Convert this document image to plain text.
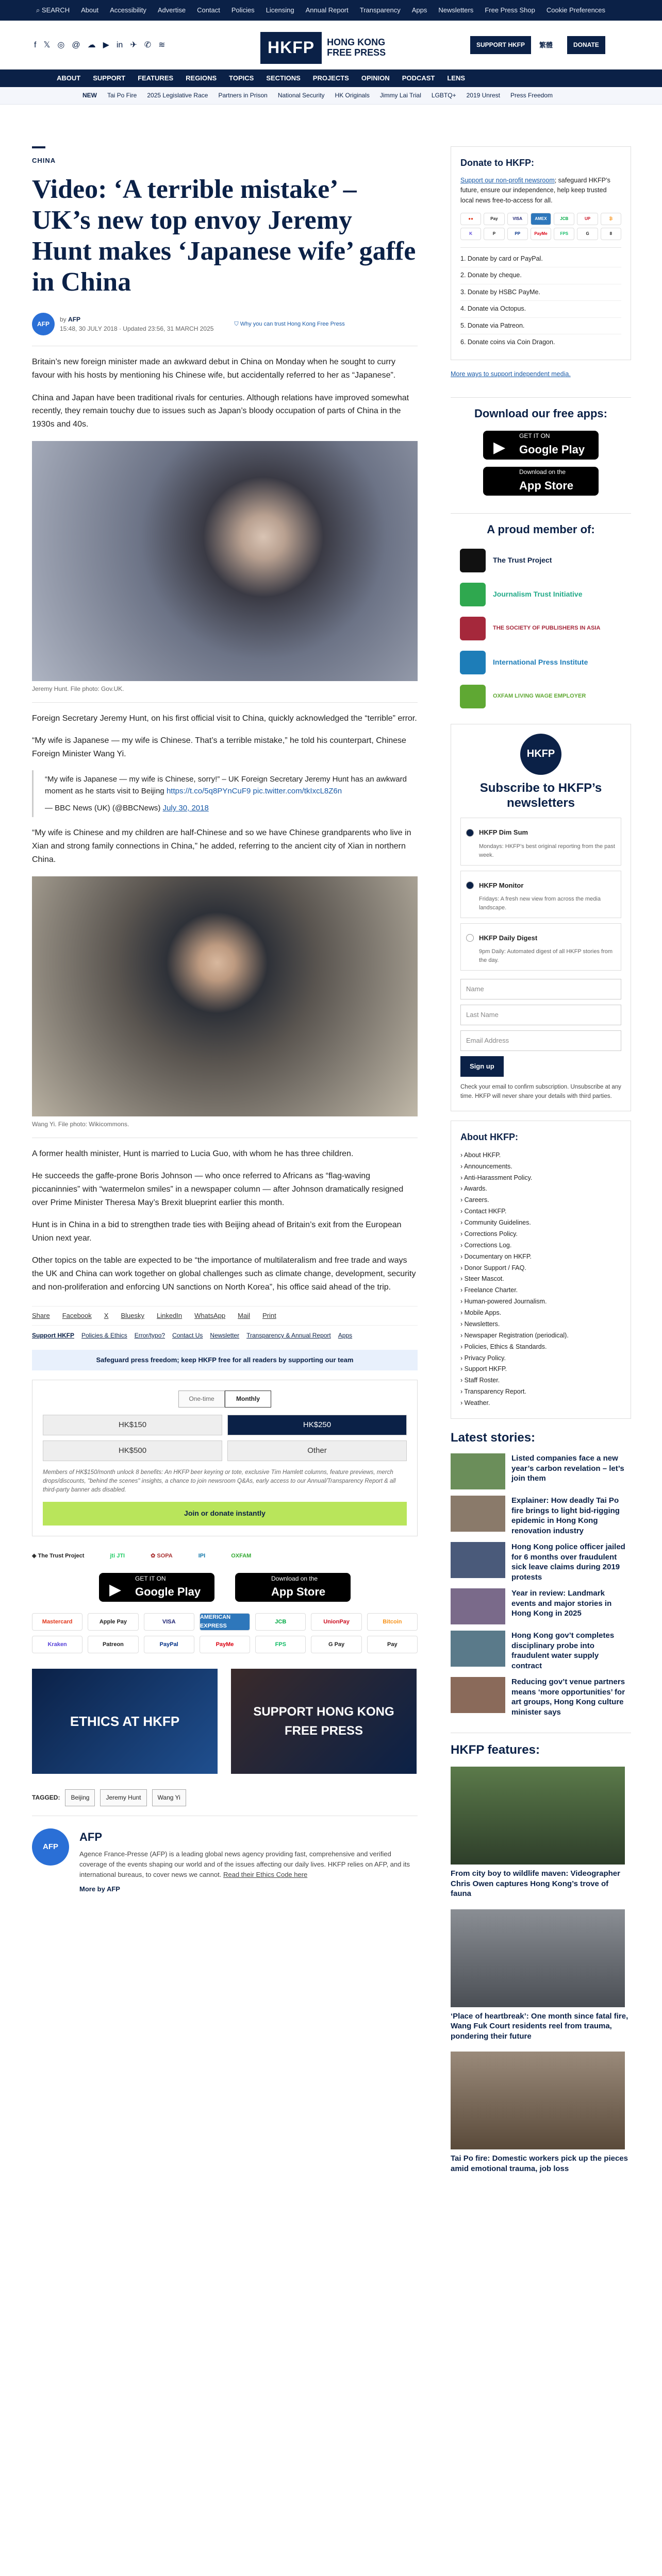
⌕ SEARCH About Accessibility Advertise Contact Policies Licensing Annual Report Transparency Apps Newsletters Free Press Shop Cookie Preferences
f 𝕏 ◎ @ ☁ ▶ in ✈ ✆ ≋	HKFP	HONG KONG
FREE PRESS
SUPPORT HKFP	繁體	DONATE
ABOUT SUPPORT FEATURES REGIONS TOPICS SECTIONS PROJECTS OPINION PODCAST LENS
NEW Tai Po Fire 2025 Legislative Race Partners in Prison National Security HK Originals Jimmy Lai Trial LGBTQ+ 2019 Unrest Press Freedom
CHINA
Video: ‘A terrible mistake’ – UK’s new top envoy Jeremy Hunt makes ‘Japanese wife’ gaffe in China
AFP
by AFP
15:48, 30 JULY 2018 · Updated 23:56, 31 MARCH 2025
⛉ Why you can trust Hong Kong Free Press

Britain’s new foreign minister made an awkward debut in China on Monday when he sought to curry favour with his hosts by mentioning his Chinese wife, but accidentally referred to her as “Japanese”.

China and Japan have been traditional rivals for centuries. Although relations have improved somewhat recently, they remain touchy due to issues such as Japan’s bloody occupation of parts of China in the 1930s and 40s.

Jeremy Hunt. File photo: Gov.UK.

Foreign Secretary Jeremy Hunt, on his first official visit to China, quickly acknowledged the “terrible” error.

“My wife is Japanese — my wife is Chinese. That’s a terrible mistake,” he told his counterpart, Chinese Foreign Minister Wang Yi.

“My wife is Japanese — my wife is Chinese, sorry!” – UK Foreign Secretary Jeremy Hunt has an awkward moment as he starts visit to Beijing https://t.co/5q8PYnCuF9 pic.twitter.com/tkIxcL8Z6n
— BBC News (UK) (@BBCNews) July 30, 2018

“My wife is Chinese and my children are half-Chinese and so we have Chinese grandparents who live in Xian and strong family connections in China,” he added, referring to the ancient city of Xian in northern China.

Wang Yi. File photo: Wikicommons.

A former health minister, Hunt is married to Lucia Guo, with whom he has three children.

He succeeds the gaffe-prone Boris Johnson — who once referred to Africans as “flag-waving piccaninnies” with “watermelon smiles” in a newspaper column — after Johnson dramatically resigned over Prime Minister Theresa May’s Brexit blueprint earlier this month.

Hunt is in China in a bid to strengthen trade ties with Beijing ahead of Britain’s exit from the European Union next year.

Other topics on the table are expected to be “the importance of multilateralism and free trade and ways the UK and China can work together on global challenges such as climate change, development, security and non-proliferation and enforcing UN sanctions on North Korea”, his office said ahead of the trip.

Share Facebook X Bluesky LinkedIn WhatsApp Mail Print
Support HKFP Policies & Ethics Error/typo? Contact Us Newsletter Transparency & Annual Report Apps
Safeguard press freedom; keep HKFP free for all readers by supporting our team
One-time	Monthly
HK$150	HK$250
HK$500	Other
Members of HK$150/month unlock 8 benefits: An HKFP beer keyring or tote, exclusive Tim Hamlett columns, feature previews, merch drops/discounts, "behind the scenes" insights, a chance to join newsroom Q&As, early access to our Annual/Transparency Report & all third-party banner ads disabled.
Join or donate instantly
◈ The Trust Project	jti JTI	✿ SOPA	IPI	OXFAM
▶
GET IT ON
Google Play
Download on the
App Store
Mastercard	Apple Pay	VISA
AMERICAN EXPRESS
JCB	UnionPay	Bitcoin
Kraken	Patreon	PayPal	PayMe	FPS	G Pay	Pay
ETHICS AT HKFP
SUPPORT HONG KONG FREE PRESS
TAGGED:	Beijing	Jeremy Hunt	Wang Yi
AFP
AFP
Agence France-Presse (AFP) is a leading global news agency providing fast, comprehensive and verified coverage of the events shaping our world and of the issues affecting our daily lives. HKFP relies on AFP, and its international bureaus, to cover news we cannot. Read their Ethics Code here
More by AFP
Donate to HKFP:
Support our non-profit newsroom; safeguard HKFP’s future, ensure our independence, help keep trusted local news free-to-access for all.
●●	Pay	VISA	AMEX	JCB	UP	₿
K	P	PP	PayMe	FPS	G	8
1. Donate by card or PayPal.
2. Donate by cheque.
3. Donate by HSBC PayMe.
4. Donate via Octopus.
5. Donate via Patreon.
6. Donate coins via Coin Dragon.
More ways to support independent media.
Download our free apps:
▶
GET IT ON
Google Play
Download on the
App Store
A proud member of:
The Trust Project
Journalism Trust Initiative
THE SOCIETY OF PUBLISHERS IN ASIA
International Press Institute
OXFAM LIVING WAGE EMPLOYER
HKFP
Subscribe to HKFP’s newsletters
HKFP Dim Sum
Mondays: HKFP’s best original reporting from the past week.
HKFP Monitor
Fridays: A fresh new view from across the media landscape.
HKFP Daily Digest
9pm Daily: Automated digest of all HKFP stories from the day.
Name
Last Name
Email Address
Sign up
Check your email to confirm subscription. Unsubscribe at any time. HKFP will never share your details with third parties.
About HKFP:
› About HKFP.
› Announcements.
› Anti-Harassment Policy.
› Awards.
› Careers.
› Contact HKFP.
› Community Guidelines.
› Corrections Policy.
› Corrections Log.
› Documentary on HKFP.
› Donor Support / FAQ.
› Steer Mascot.
› Freelance Charter.
› Human-powered Journalism.
› Mobile Apps.
› Newsletters.
› Newspaper Registration (periodical).
› Policies, Ethics & Standards.
› Privacy Policy.
› Support HKFP.
› Staff Roster.
› Transparency Report.
› Weather.
Latest stories:
Listed companies face a new year’s carbon revelation – let’s join them
Explainer: How deadly Tai Po fire brings to light bid-rigging epidemic in Hong Kong renovation industry
Hong Kong police officer jailed for 6 months over fraudulent sick leave claims during 2019 protests
Year in review: Landmark events and major stories in Hong Kong in 2025
Hong Kong gov’t completes disciplinary probe into fraudulent water supply contract
Reducing gov’t venue partners means ‘more opportunities’ for art groups, Hong Kong culture minister says
HKFP features:
From city boy to wildlife maven: Videographer Chris Owen captures Hong Kong’s trove of fauna
‘Place of heartbreak’: One month since fatal fire, Wang Fuk Court residents reel from trauma, pondering their future
Tai Po fire: Domestic workers pick up the pieces amid emotional trauma, job loss
